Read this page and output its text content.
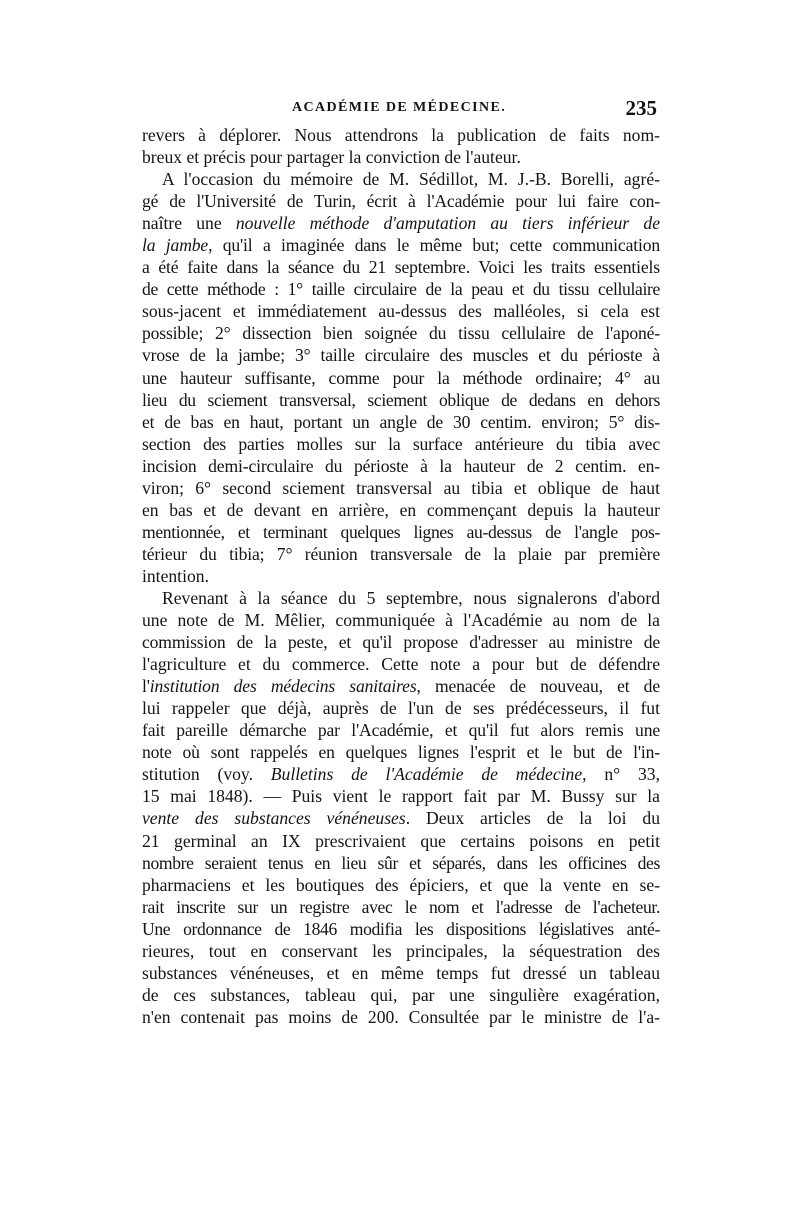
ACADÉMIE DE MÉDECINE.	235
revers à déplorer. Nous attendrons la publication de faits nom-
breux et précis pour partager la conviction de l'auteur.
A l'occasion du mémoire de M. Sédillot, M. J.-B. Borelli, agré-
gé de l'Université de Turin, écrit à l'Académie pour lui faire con-
naître une nouvelle méthode d'amputation au tiers inférieur de
la jambe, qu'il a imaginée dans le même but; cette communication
a été faite dans la séance du 21 septembre. Voici les traits essentiels
de cette méthode : 1° taille circulaire de la peau et du tissu cellulaire
sous-jacent et immédiatement au-dessus des malléoles, si cela est
possible; 2° dissection bien soignée du tissu cellulaire de l'aponé-
vrose de la jambe; 3° taille circulaire des muscles et du périoste à
une hauteur suffisante, comme pour la méthode ordinaire; 4° au
lieu du sciement transversal, sciement oblique de dedans en dehors
et de bas en haut, portant un angle de 30 centim. environ; 5° dis-
section des parties molles sur la surface antérieure du tibia avec
incision demi-circulaire du périoste à la hauteur de 2 centim. en-
viron; 6° second sciement transversal au tibia et oblique de haut
en bas et de devant en arrière, en commençant depuis la hauteur
mentionnée, et terminant quelques lignes au-dessus de l'angle pos-
térieur du tibia; 7° réunion transversale de la plaie par première
intention.
Revenant à la séance du 5 septembre, nous signalerons d'abord
une note de M. Mêlier, communiquée à l'Académie au nom de la
commission de la peste, et qu'il propose d'adresser au ministre de
l'agriculture et du commerce. Cette note a pour but de défendre
l'institution des médecins sanitaires, menacée de nouveau, et de
lui rappeler que déjà, auprès de l'un de ses prédécesseurs, il fut
fait pareille démarche par l'Académie, et qu'il fut alors remis une
note où sont rappelés en quelques lignes l'esprit et le but de l'in-
stitution (voy. Bulletins de l'Académie de médecine, n° 33,
15 mai 1848). — Puis vient le rapport fait par M. Bussy sur la
vente des substances vénéneuses. Deux articles de la loi du
21 germinal an IX prescrivaient que certains poisons en petit
nombre seraient tenus en lieu sûr et séparés, dans les officines des
pharmaciens et les boutiques des épiciers, et que la vente en se-
rait inscrite sur un registre avec le nom et l'adresse de l'acheteur.
Une ordonnance de 1846 modifia les dispositions législatives anté-
rieures, tout en conservant les principales, la séquestration des
substances vénéneuses, et en même temps fut dressé un tableau
de ces substances, tableau qui, par une singulière exagération,
n'en contenait pas moins de 200. Consultée par le ministre de l'a-
